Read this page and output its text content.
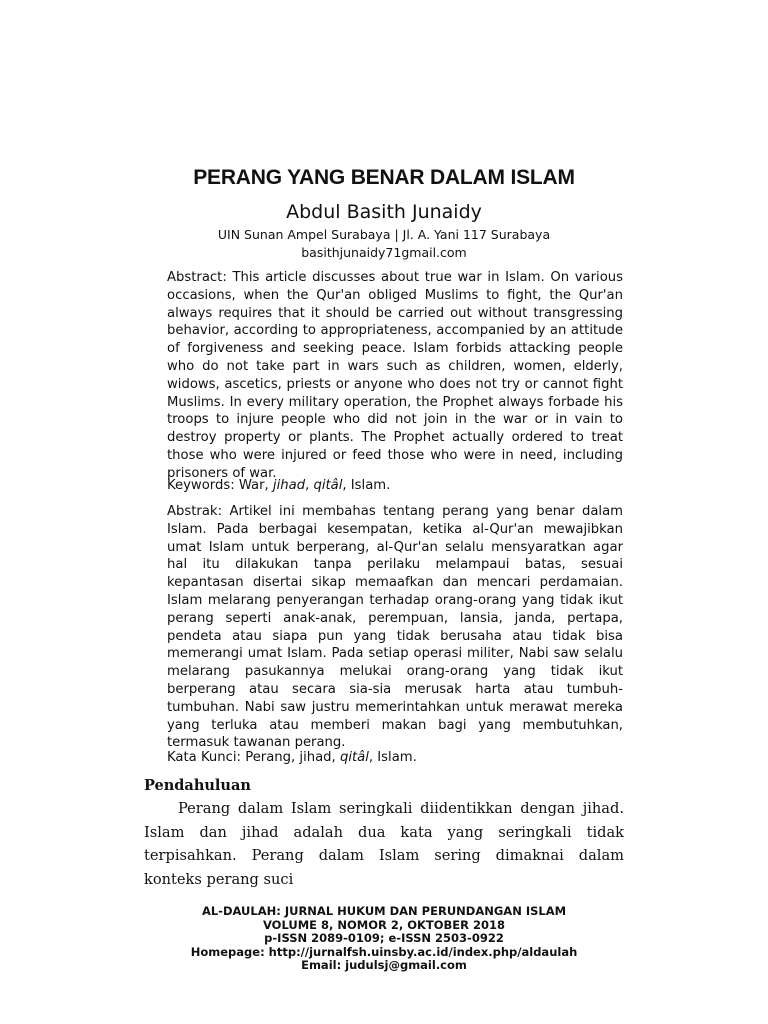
PERANG YANG BENAR DALAM ISLAM
Abdul Basith Junaidy
UIN Sunan Ampel Surabaya | Jl. A. Yani 117 Surabaya
basithjunaidy71gmail.com
Abstract: This article discusses about true war in Islam. On various occasions, when the Qur'an obliged Muslims to fight, the Qur'an always requires that it should be carried out without transgressing behavior, according to appropriateness, accompanied by an attitude of forgiveness and seeking peace. Islam forbids attacking people who do not take part in wars such as children, women, elderly, widows, ascetics, priests or anyone who does not try or cannot fight Muslims. In every military operation, the Prophet always forbade his troops to injure people who did not join in the war or in vain to destroy property or plants. The Prophet actually ordered to treat those who were injured or feed those who were in need, including prisoners of war.
Keywords: War, jihad, qitâl, Islam.
Abstrak: Artikel ini membahas tentang perang yang benar dalam Islam. Pada berbagai kesempatan, ketika al-Qur'an mewajibkan umat Islam untuk berperang, al-Qur'an selalu mensyaratkan agar hal itu dilakukan tanpa perilaku melampaui batas, sesuai kepantasan disertai sikap memaafkan dan mencari perdamaian. Islam melarang penyerangan terhadap orang-orang yang tidak ikut perang seperti anak-anak, perempuan, lansia, janda, pertapa, pendeta atau siapa pun yang tidak berusaha atau tidak bisa memerangi umat Islam. Pada setiap operasi militer, Nabi saw selalu melarang pasukannya melukai orang-orang yang tidak ikut berperang atau secara sia-sia merusak harta atau tumbuh-tumbuhan. Nabi saw justru memerintahkan untuk merawat mereka yang terluka atau memberi makan bagi yang membutuhkan, termasuk tawanan perang.
Kata Kunci: Perang, jihad, qitâl, Islam.
Pendahuluan
Perang dalam Islam seringkali diidentikkan dengan jihad. Islam dan jihad adalah dua kata yang seringkali tidak terpisahkan. Perang dalam Islam sering dimaknai dalam konteks perang suci
AL-DAULAH: JURNAL HUKUM DAN PERUNDANGAN ISLAM
VOLUME 8, NOMOR 2, OKTOBER 2018
p-ISSN 2089-0109; e-ISSN 2503-0922
Homepage: http://jurnalfsh.uinsby.ac.id/index.php/aldaulah
Email: judulsj@gmail.com
